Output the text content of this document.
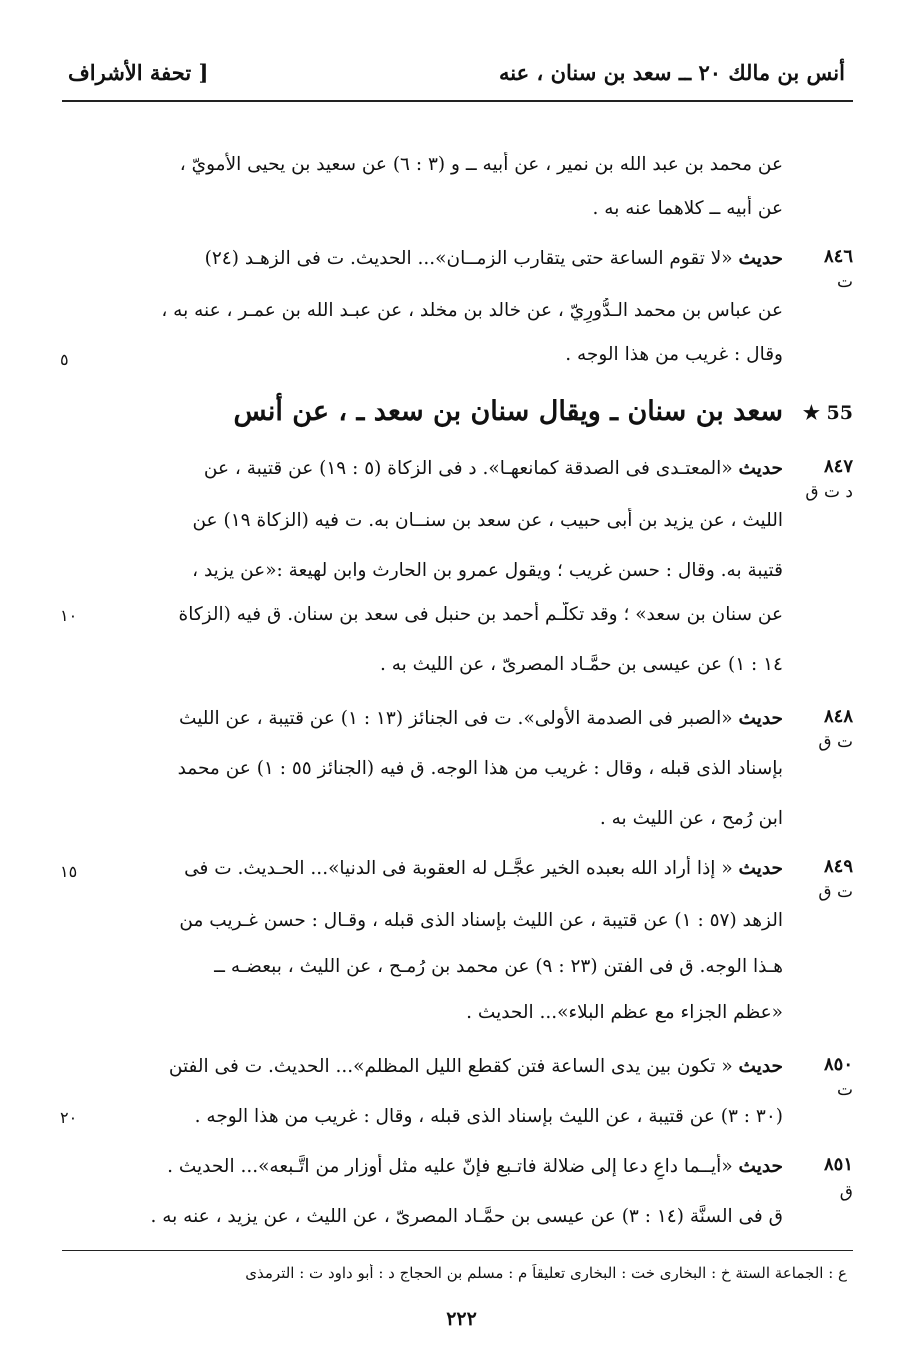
أنس بن مالك ٢٠ ــ سعد بن سنان ، عنه
[ تحفة الأشراف
عن محمد بن عبد الله بن نمير ، عن أبيه ــ و (٣ : ٦) عن سعيد بن يحيى الأمويّ ،
عن أبيه ــ كلاهما عنه به .
٨٤٦
ت
حديث «لا تقوم الساعة حتى يتقارب الزمــان»... الحديث. ت فى الزهـد (٢٤)
عن عباس بن محمد الـدُّورِيّ ، عن خالد بن مخلد ، عن عبـد الله بن عمـر ، عنه به ،
وقال : غريب من هذا الوجه .
٥
★ 55
سعد بن سنان ـ ويقال سنان بن سعد ـ ، عن أنس
٨٤٧
د ت ق
حديث «المعتـدى فى الصدقة كمانعهـا». د فى الزكاة (٥ : ١٩) عن قتيبة ، عن
الليث ، عن يزيد بن أبى حبيب ، عن سعد بن سنــان به. ت فيه (الزكاة ١٩) عن
قتيبة به. وقال : حسن غريب ؛ ويقول عمرو بن الحارث وابن لهيعة :«عن يزيد ،
عن سنان بن سعد» ؛ وقد تكلَّـم أحمد بن حنبل فى سعد بن سنان. ق فيه (الزكاة
١٠
١٤ : ١) عن عيسى بن حمَّـاد المصرىّ ، عن الليث به .
٨٤٨
ت ق
حديث «الصبر فى الصدمة الأولى». ت فى الجنائز (١٣ : ١) عن قتيبة ، عن الليث
بإسناد الذى قبله ، وقال : غريب من هذا الوجه. ق فيه (الجنائز ٥٥ : ١) عن محمد
ابن رُمح ، عن الليث به .
٨٤٩
ت ق
حديث « إذا أراد الله بعبده الخير عجَّـل له العقوبة فى الدنيا»... الحـديث. ت فى
١٥
الزهد (٥٧ : ١) عن قتيبة ، عن الليث بإسناد الذى قبله ، وقـال : حسن غـريب من
هـذا الوجه. ق فى الفتن (٢٣ : ٩) عن محمد بن رُمـح ، عن الليث ، ببعضـه ــ
«عظم الجزاء مع عظم البلاء»... الحديث .
٨٥٠
ت
حديث « تكون بين يدى الساعة فتن كقطع الليل المظلم»... الحديث. ت فى الفتن
(٣٠ : ٣) عن قتيبة ، عن الليث بإسناد الذى قبله ، وقال : غريب من هذا الوجه .
٢٠
٨٥١
ق
حديث «أيــما داعٍ دعا إلى ضلالة فاتـبع فإنّ عليه مثل أوزار من اتَّـبعه»... الحديث .
ق فى السنَّة (١٤ : ٣) عن عيسى بن حمَّـاد المصرىّ ، عن الليث ، عن يزيد ، عنه به .
ع : الجماعة الستة خ : البخارى خت : البخارى تعليقاً م : مسلم بن الحجاج د : أبو داود ت : الترمذى
٢٢٢
